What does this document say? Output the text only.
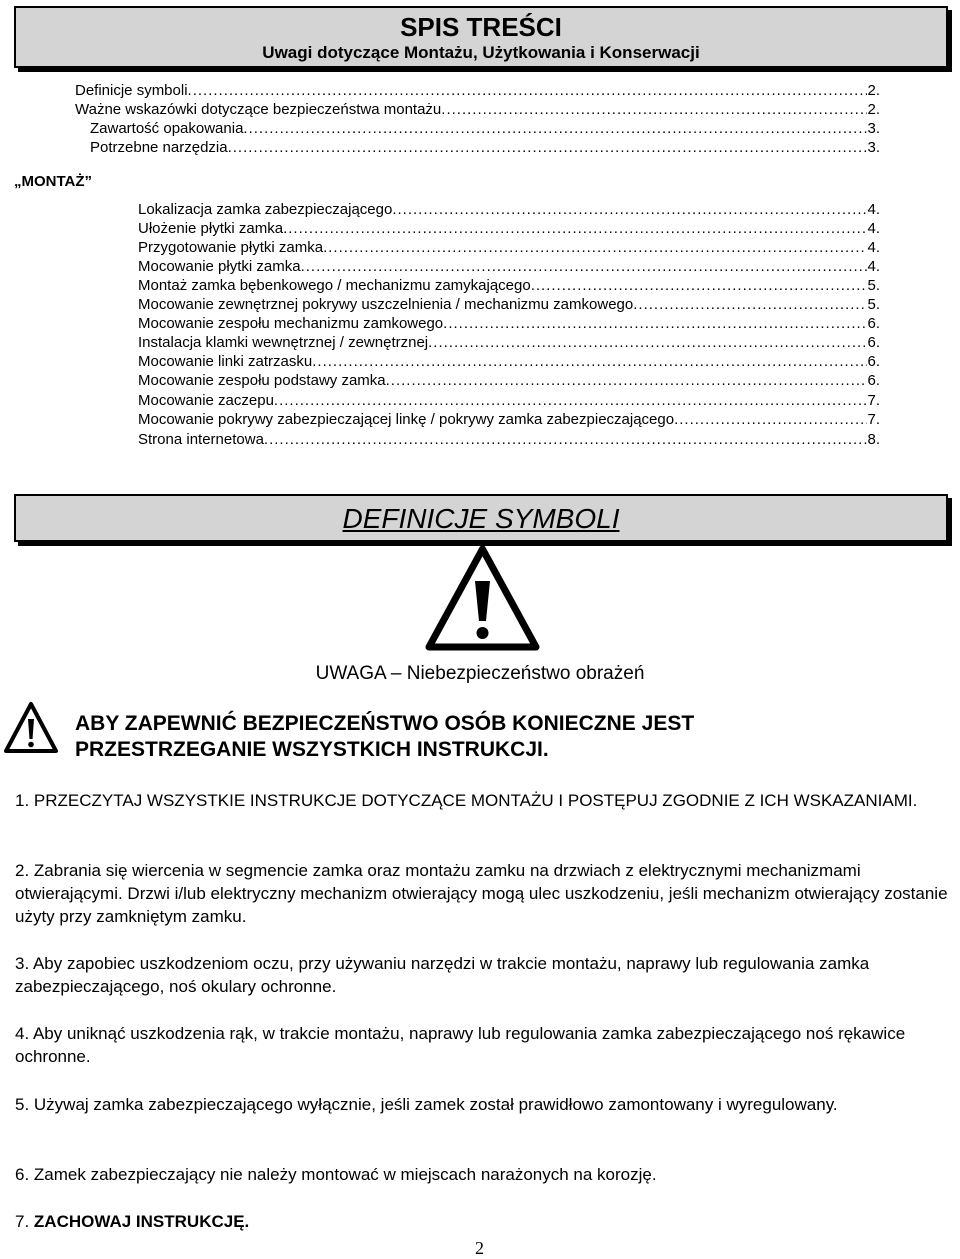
SPIS TREŚCI
Uwagi dotyczące Montażu, Użytkowania i Konserwacji
Definicje symboli .....	2.
Ważne wskazówki dotyczące bezpieczeństwa montażu .....	2.
Zawartość opakowania .....	3.
Potrzebne narzędzia .....	3.
„MONTAŻ”
Lokalizacja zamka zabezpieczającego .....	4.
Ułożenie płytki zamka .....	4.
Przygotowanie płytki zamka .....	4.
Mocowanie płytki zamka .....	4.
Montaż zamka bębenkowego / mechanizmu zamykającego .....	5.
Mocowanie zewnętrznej pokrywy uszczelnienia / mechanizmu zamkowego .....	5.
Mocowanie zespołu mechanizmu zamkowego .....	6.
Instalacja klamki wewnętrznej / zewnętrznej .....	6.
Mocowanie linki zatrzasku .....	6.
Mocowanie zespołu podstawy zamka .....	6.
Mocowanie zaczepu .....	7.
Mocowanie pokrywy zabezpieczającej linkę / pokrywy zamka zabezpieczającego .....	7.
Strona internetowa .....	8.
DEFINICJE SYMBOLI
UWAGA – Niebezpieczeństwo obrażeń
ABY ZAPEWNIĆ BEZPIECZEŃSTWO OSÓB KONIECZNE JEST
PRZESTRZEGANIE WSZYSTKICH INSTRUKCJI.
1. PRZECZYTAJ WSZYSTKIE INSTRUKCJE DOTYCZĄCE MONTAŻU I POSTĘPUJ ZGODNIE Z ICH WSKAZANIAMI.
2. Zabrania się wiercenia w segmencie zamka oraz montażu zamku na drzwiach z elektrycznymi mechanizmami otwierającymi. Drzwi i/lub elektryczny mechanizm otwierający mogą ulec uszkodzeniu, jeśli mechanizm otwierający zostanie użyty przy zamkniętym zamku.
3. Aby zapobiec uszkodzeniom oczu, przy używaniu narzędzi w trakcie montażu, naprawy lub regulowania zamka zabezpieczającego, noś okulary ochronne.
4. Aby uniknąć uszkodzenia rąk, w trakcie montażu, naprawy lub regulowania zamka zabezpieczającego noś rękawice ochronne.
5. Używaj zamka zabezpieczającego wyłącznie, jeśli zamek został prawidłowo zamontowany i wyregulowany.
6. Zamek zabezpieczający nie należy montować w miejscach narażonych na korozję.
7. ZACHOWAJ INSTRUKCJĘ.
2
